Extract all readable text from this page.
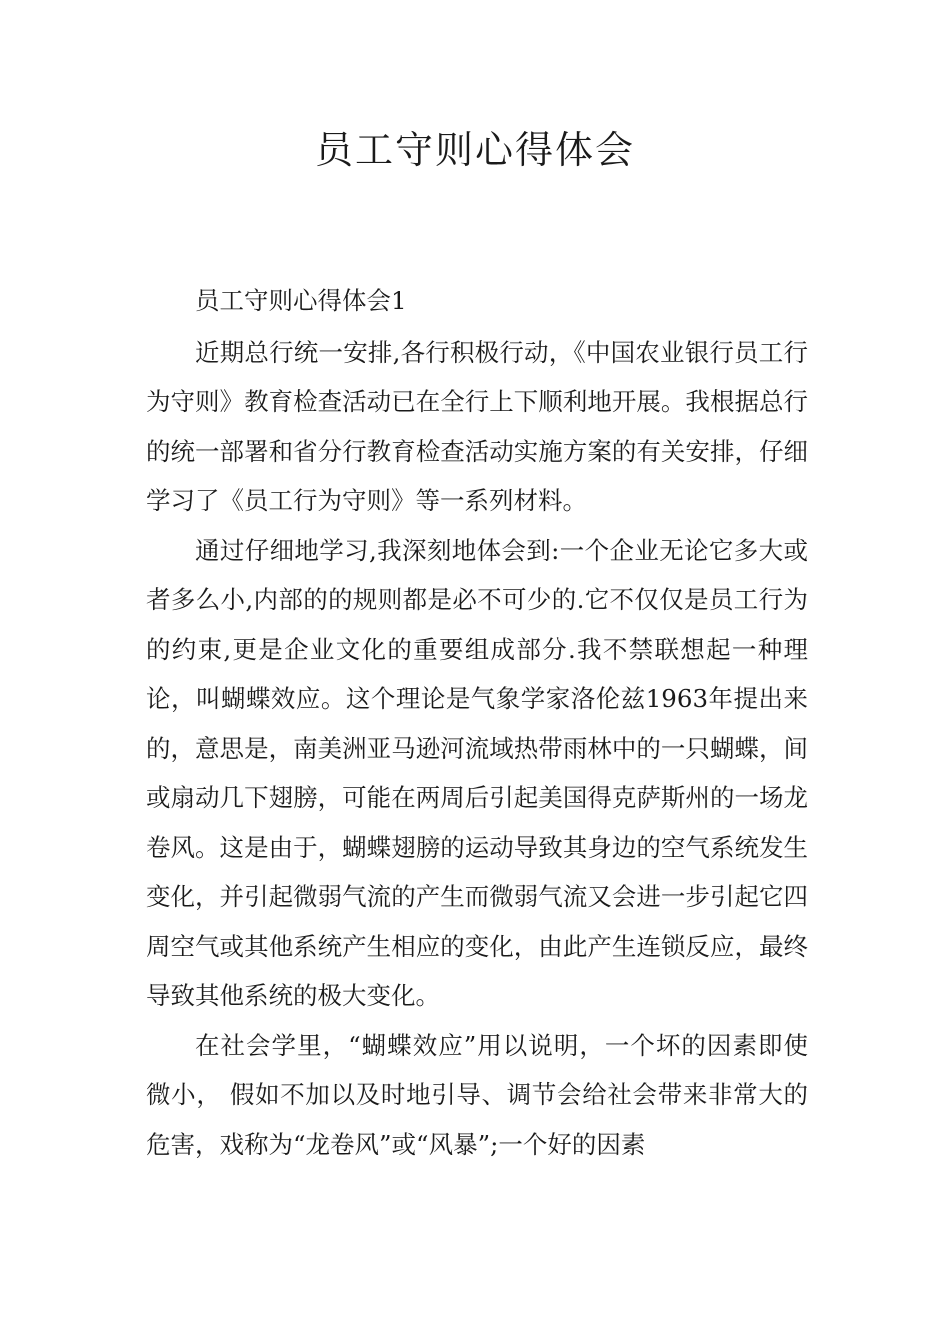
员工守则心得体会

员工守则心得体会1

近期总行统一安排,各行积极行动，《中国农业银行员工行为守则》教育检查活动已在全行上下顺利地开展。我根据总行的统一部署和省分行教育检查活动实施方案的有关安排，仔细学习了《员工行为守则》等一系列材料。

通过仔细地学习,我深刻地体会到:一个企业无论它多大或者多么小,内部的的规则都是必不可少的.它不仅仅是员工行为的约束,更是企业文化的重要组成部分.我不禁联想起一种理论，叫蝴蝶效应。这个理论是气象学家洛伦兹1963年提出来的，意思是，南美洲亚马逊河流域热带雨林中的一只蝴蝶，间或扇动几下翅膀，可能在两周后引起美国得克萨斯州的一场龙卷风。这是由于，蝴蝶翅膀的运动导致其身边的空气系统发生变化，并引起微弱气流的产生而微弱气流又会进一步引起它四周空气或其他系统产生相应的变化，由此产生连锁反应，最终导致其他系统的极大变化。

在社会学里，“蝴蝶效应”用以说明，一个坏的因素即使微小， 假如不加以及时地引导、调节会给社会带来非常大的危害，戏称为“龙卷风”或“风暴”;一个好的因素
